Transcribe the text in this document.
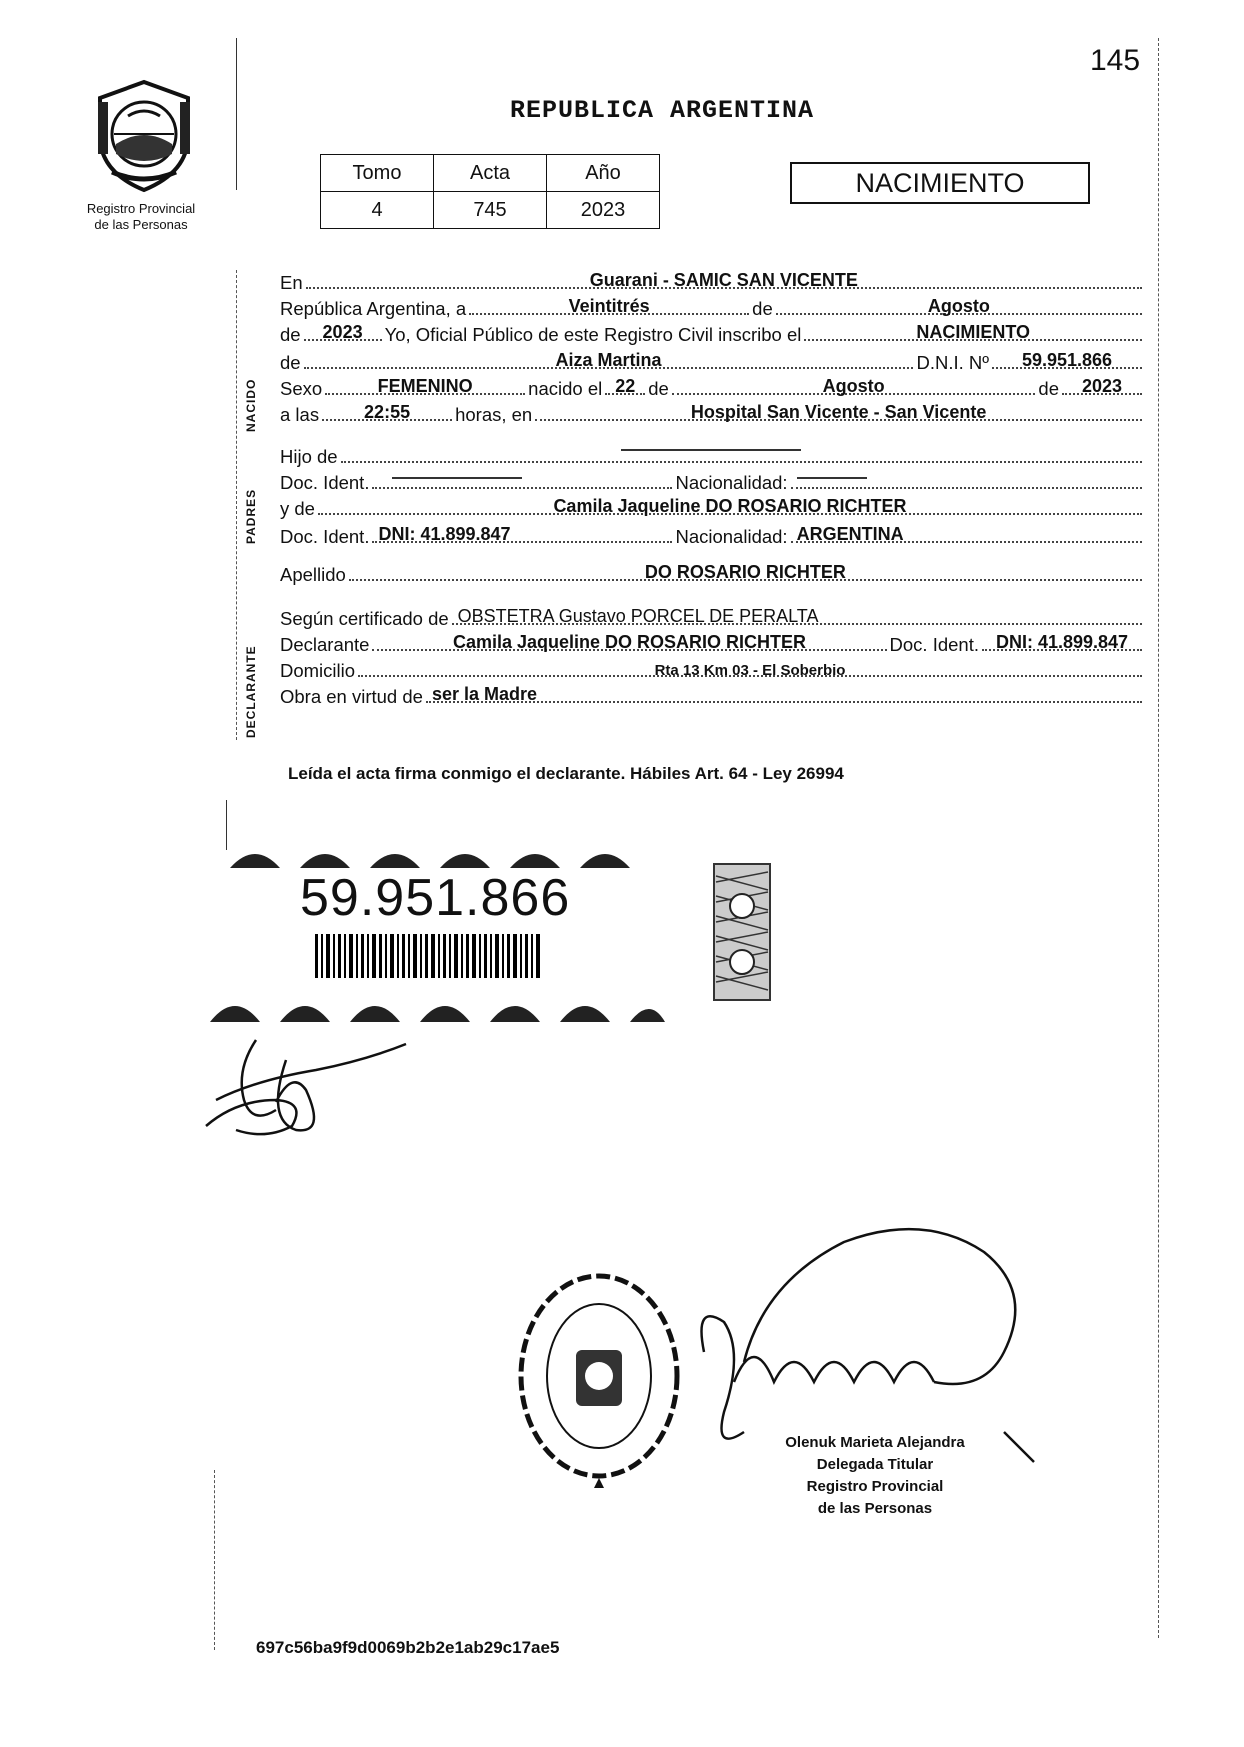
145
Registro Provincial
de las Personas
REPUBLICA ARGENTINA
Tomo	Acta	Año
4	745	2023
NACIMIENTO
NACIDO
PADRES
DECLARANTE
En	Guarani - SAMIC SAN VICENTE
República Argentina, a	Veintitrés	de	Agosto
de	2023	Yo, Oficial Público de este Registro Civil inscribo el	NACIMIENTO
de	Aiza Martina	D.N.I. Nº	59.951.866
Sexo	FEMENINO	nacido el 22 de	Agosto	de	2023
a las	22:55	horas, en	Hospital San Vicente - San Vicente
Hijo de
Doc. Ident.	Nacionalidad:
y de	Camila Jaqueline DO ROSARIO RICHTER
Doc. Ident. DNI: 41.899.847	Nacionalidad: ARGENTINA
Apellido	DO ROSARIO RICHTER
Según certificado de OBSTETRA Gustavo PORCEL DE PERALTA
Declarante	Camila Jaqueline DO ROSARIO RICHTER	Doc. Ident. DNI: 41.899.847
Domicilio	Rta 13 Km 03 - El Soberbio
Obra en virtud de ser la Madre
Leída el acta firma conmigo el declarante. Hábiles Art. 64 - Ley 26994
59.951.866
Olenuk Marieta Alejandra
Delegada Titular
Registro Provincial
de las Personas
697c56ba9f9d0069b2b2e1ab29c17ae5
